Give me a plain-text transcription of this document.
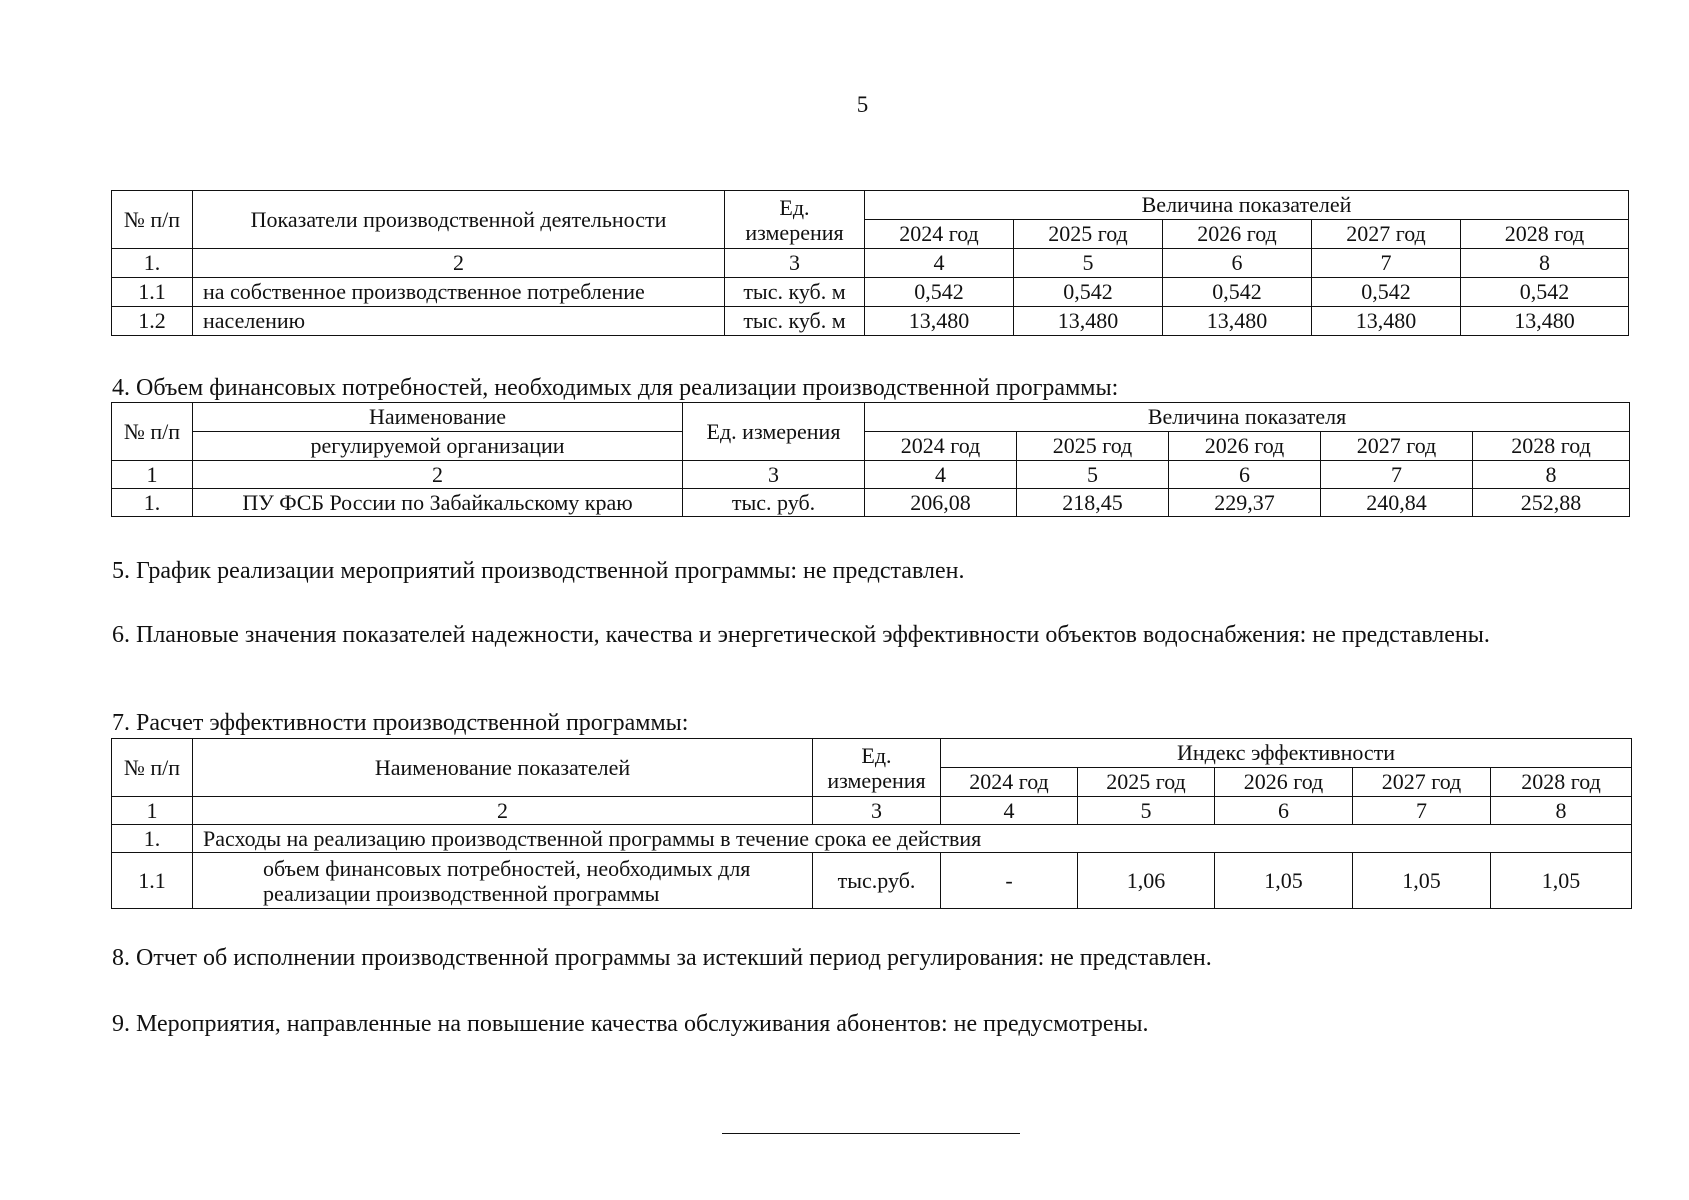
5
№ п/п	Показатели производственной деятельности	Ед. измерения	Величина показателей				
			2024 год	2025 год	2026 год	2027 год	2028 год
1.	2	3	4	5	6	7	8
1.1	на собственное производственное потребление	тыс. куб. м	0,542	0,542	0,542	0,542	0,542
1.2	населению	тыс. куб. м	13,480	13,480	13,480	13,480	13,480
4. Объем финансовых потребностей, необходимых для реализации производственной программы:
№ п/п	Наименование	Ед. измерения	Величина показателя				
	регулируемой организации		2024 год	2025 год	2026 год	2027 год	2028 год
1	2	3	4	5	6	7	8
1.	ПУ ФСБ России по Забайкальскому краю	тыс. руб.	206,08	218,45	229,37	240,84	252,88
5. График реализации мероприятий производственной программы: не представлен.
6. Плановые значения показателей надежности, качества и энергетической эффективности объектов водоснабжения: не представлены.
7. Расчет эффективности производственной программы:
№ п/п	Наименование показателей	Ед. измерения	Индекс эффективности				
			2024 год	2025 год	2026 год	2027 год	2028 год
1	2	3	4	5	6	7	8
1.	Расходы на реализацию производственной программы в течение срока ее действия						
1.1	объем финансовых потребностей, необходимых для реализации производственной программы	тыс.руб.	-	1,06	1,05	1,05	1,05
8. Отчет об исполнении производственной программы за истекший период регулирования: не представлен.
9. Мероприятия, направленные на повышение качества обслуживания абонентов: не предусмотрены.
